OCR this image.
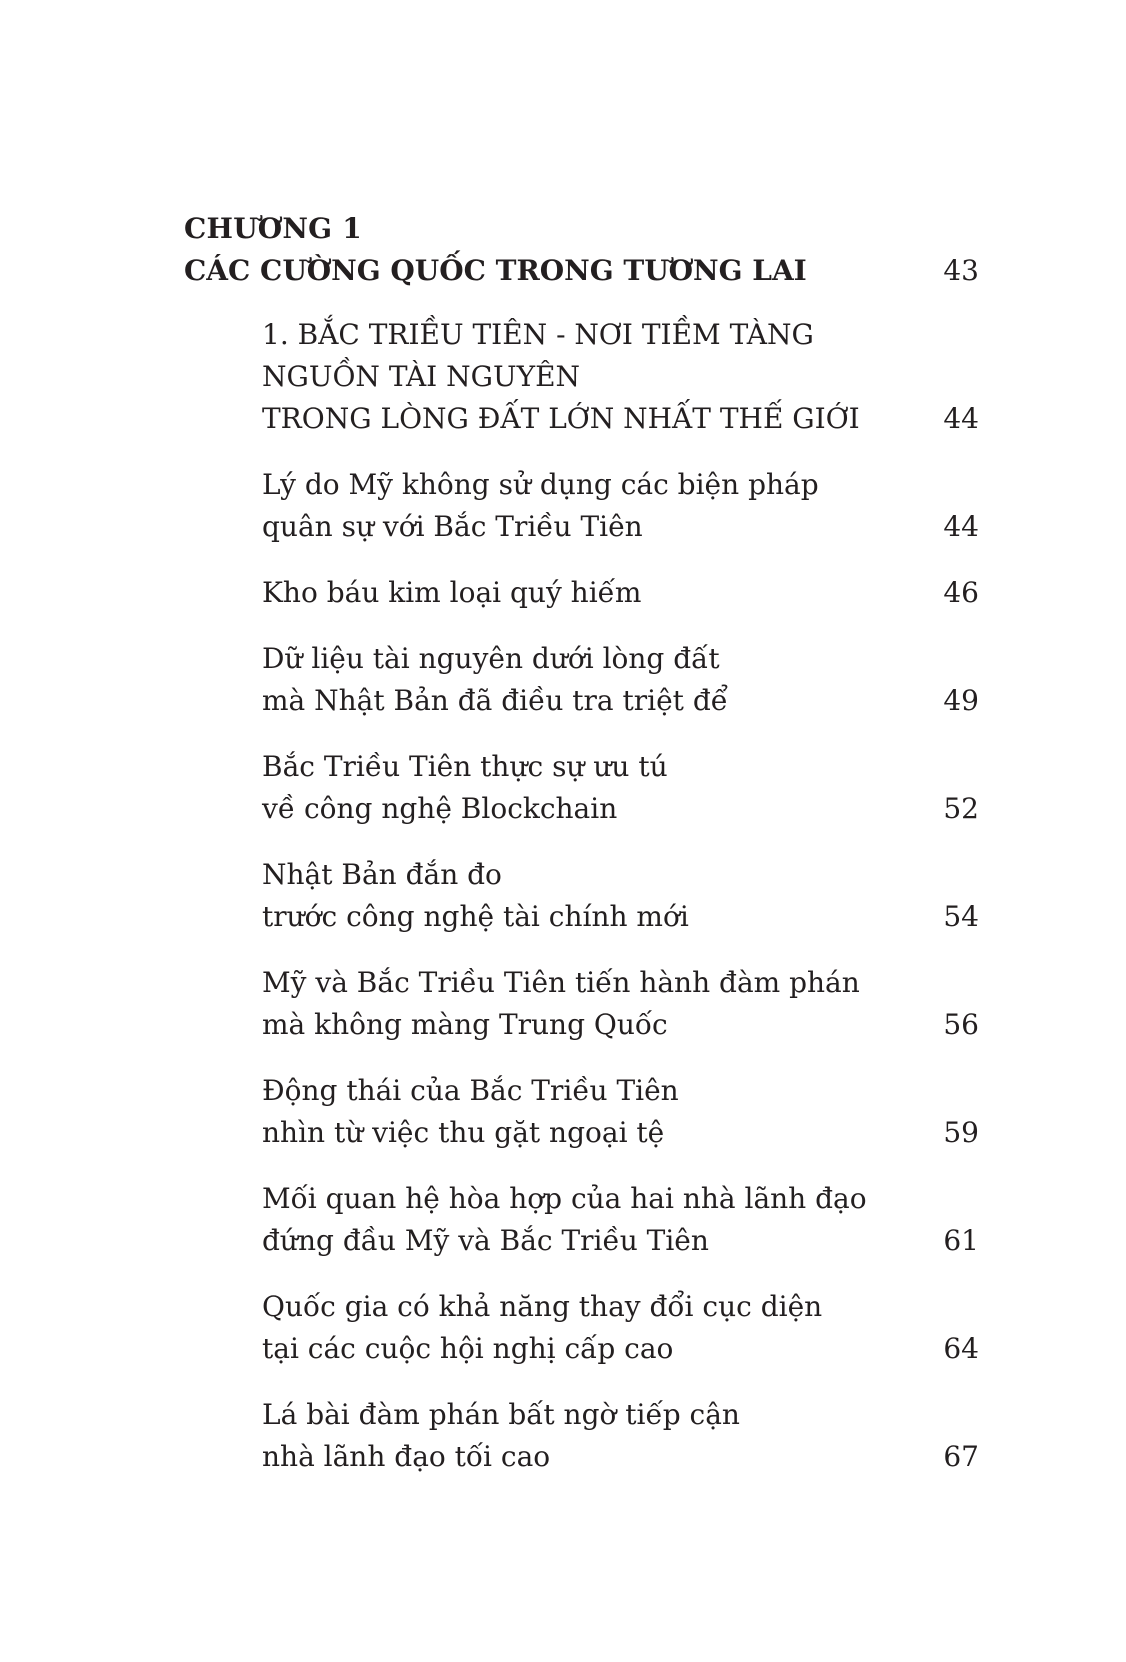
CHƯƠNG 1
CÁC CƯỜNG QUỐC TRONG TƯƠNG LAI	43
1. BẮC TRIỀU TIÊN - NƠI TIỀM TÀNG
NGUỒN TÀI NGUYÊN
TRONG LÒNG ĐẤT LỚN NHẤT THẾ GIỚI	44
Lý do Mỹ không sử dụng các biện pháp
quân sự với Bắc Triều Tiên	44
Kho báu kim loại quý hiếm	46
Dữ liệu tài nguyên dưới lòng đất
mà Nhật Bản đã điều tra triệt để	49
Bắc Triều Tiên thực sự ưu tú
về công nghệ Blockchain	52
Nhật Bản đắn đo
trước công nghệ tài chính mới	54
Mỹ và Bắc Triều Tiên tiến hành đàm phán
mà không màng Trung Quốc	56
Động thái của Bắc Triều Tiên
nhìn từ việc thu gặt ngoại tệ	59
Mối quan hệ hòa hợp của hai nhà lãnh đạo
đứng đầu Mỹ và Bắc Triều Tiên	61
Quốc gia có khả năng thay đổi cục diện
tại các cuộc hội nghị cấp cao	64
Lá bài đàm phán bất ngờ tiếp cận
nhà lãnh đạo tối cao	67
